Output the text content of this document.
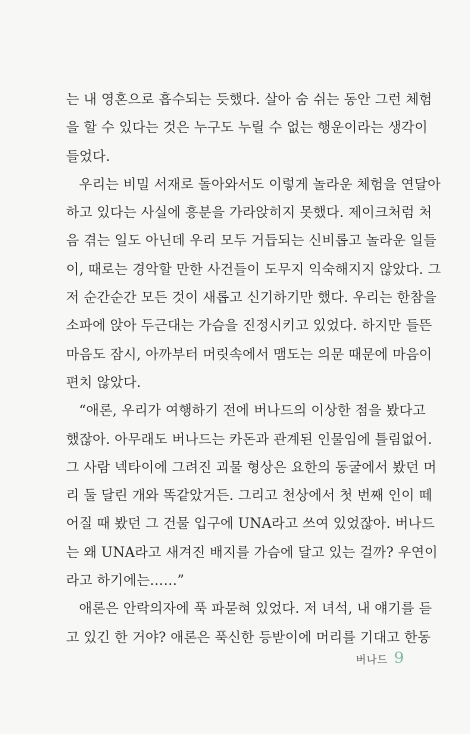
는 내 영혼으로 흡수되는 듯했다. 살아 숨 쉬는 동안 그런 체험
을 할 수 있다는 것은 누구도 누릴 수 없는 행운이라는 생각이
들었다.

우리는 비밀 서재로 돌아와서도 이렇게 놀라운 체험을 연달아
하고 있다는 사실에 흥분을 가라앉히지 못했다. 제이크처럼 처
음 겪는 일도 아닌데 우리 모두 거듭되는 신비롭고 놀라운 일들
이, 때로는 경악할 만한 사건들이 도무지 익숙해지지 않았다. 그
저 순간순간 모든 것이 새롭고 신기하기만 했다. 우리는 한참을
소파에 앉아 두근대는 가슴을 진정시키고 있었다. 하지만 들뜬
마음도 잠시, 아까부터 머릿속에서 맴도는 의문 때문에 마음이
편치 않았다.

“애론, 우리가 여행하기 전에 버나드의 이상한 점을 봤다고
했잖아. 아무래도 버나드는 카돈과 관계된 인물임에 틀림없어.
그 사람 넥타이에 그려진 괴물 형상은 요한의 동굴에서 봤던 머
리 둘 달린 개와 똑같았거든. 그리고 천상에서 첫 번째 인이 떼
어질 때 봤던 그 건물 입구에 UNA라고 쓰여 있었잖아. 버나드
는 왜 UNA라고 새겨진 배지를 가슴에 달고 있는 걸까? 우연이
라고 하기에는……”

애론은 안락의자에 푹 파묻혀 있었다. 저 녀석, 내 얘기를 듣
고 있긴 한 거야? 애론은 푹신한 등받이에 머리를 기대고 한동

버나드 9
